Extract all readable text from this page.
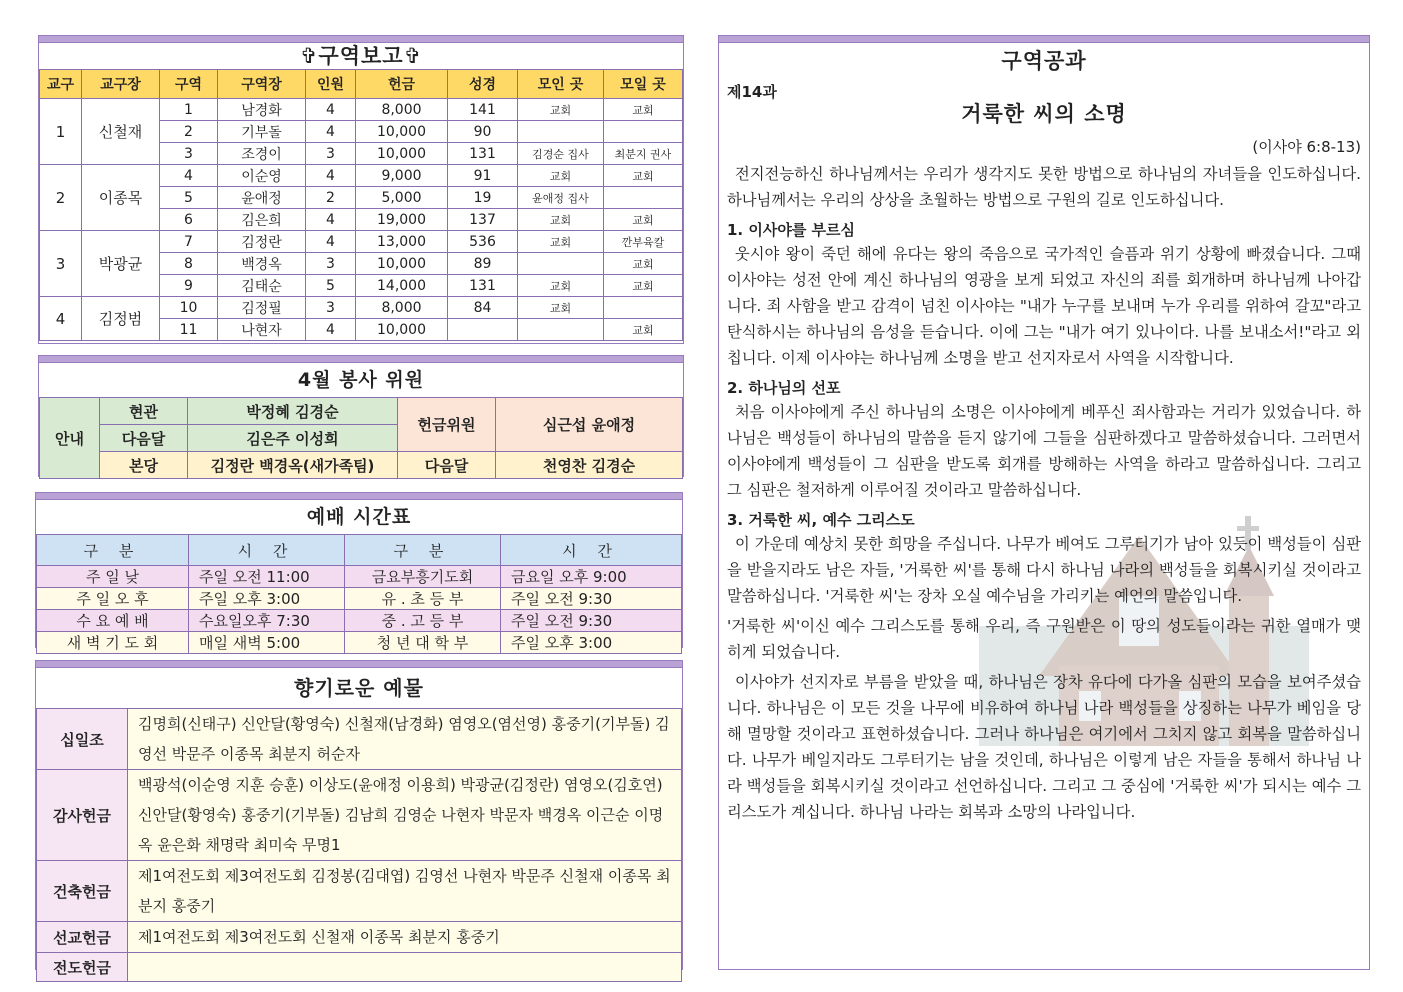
✞구역보고✞
교구	교구장	구역	구역장	인원	헌금	성경	모인 곳	모일 곳
1	신철재	1	남경화	4	8,000	141	교회	교회
		2	기부돌	4	10,000	90		
		3	조경이	3	10,000	131	김경순 집사	최분지 권사
2	이종목	4	이순영	4	9,000	91	교회	교회
		5	윤애정	2	5,000	19	윤애정 집사	
		6	김은희	4	19,000	137	교회	교회
3	박광균	7	김정란	4	13,000	536	교회	깐부육칼
		8	백경옥	3	10,000	89		교회
		9	김태순	5	14,000	131	교회	교회
4	김정범	10	김정필	3	8,000	84	교회	
		11	나현자	4	10,000			교회
4월 봉사 위원
안내	현관	박정혜 김경순	헌금위원	심근섭 윤애정
	다음달	김은주 이성희		
	본당	김정란 백경옥(새가족팀)	다음달	천영찬 김경순
예배 시간표
구 분	시 간	구 분	시 간
주 일 낮	주일 오전 11:00	금요부흥기도회	금요일 오후 9:00
주 일 오 후	주일 오후 3:00	유 . 초 등 부	주일 오전 9:30
수 요 예 배	수요일오후 7:30	중 . 고 등 부	주일 오전 9:30
새 벽 기 도 회	매일 새벽 5:00	청 년 대 학 부	주일 오후 3:00
향기로운 예물
십일조	김명희(신태구) 신안달(황영숙) 신철재(남경화) 염영오(염선영) 홍중기(기부돌) 김영선 박문주 이종목 최분지 허순자
감사헌금	백광석(이순영 지훈 승훈) 이상도(윤애정 이용희) 박광균(김정란) 염영오(김호연) 신안달(황영숙) 홍중기(기부돌) 김남희 김영순 나현자 박문자 백경옥 이근순 이명옥 윤은화 채명락 최미숙 무명1
건축헌금	제1여전도회 제3여전도회 김정봉(김대엽) 김영선 나현자 박문주 신철재 이종목 최분지 홍중기
선교헌금	제1여전도회 제3여전도회 신철재 이종목 최분지 홍중기
전도헌금	
구역공과
제14과
거룩한 씨의 소명
(이사야 6:8-13)

전지전능하신 하나님께서는 우리가 생각지도 못한 방법으로 하나님의 자녀들을 인도하십니다. 하나님께서는 우리의 상상을 초월하는 방법으로 구원의 길로 인도하십니다.

1. 이사야를 부르심

웃시야 왕이 죽던 해에 유다는 왕의 죽음으로 국가적인 슬픔과 위기 상황에 빠졌습니다. 그때 이사야는 성전 안에 계신 하나님의 영광을 보게 되었고 자신의 죄를 회개하며 하나님께 나아갑니다. 죄 사함을 받고 감격이 넘친 이사야는 "내가 누구를 보내며 누가 우리를 위하여 갈꼬"라고 탄식하시는 하나님의 음성을 듣습니다. 이에 그는 "내가 여기 있나이다. 나를 보내소서!"라고 외칩니다. 이제 이사야는 하나님께 소명을 받고 선지자로서 사역을 시작합니다.

2. 하나님의 선포

처음 이사야에게 주신 하나님의 소명은 이사야에게 베푸신 죄사함과는 거리가 있었습니다. 하나님은 백성들이 하나님의 말씀을 듣지 않기에 그들을 심판하겠다고 말씀하셨습니다. 그러면서 이사야에게 백성들이 그 심판을 받도록 회개를 방해하는 사역을 하라고 말씀하십니다. 그리고 그 심판은 철저하게 이루어질 것이라고 말씀하십니다.

3. 거룩한 씨, 예수 그리스도

이 가운데 예상치 못한 희망을 주십니다. 나무가 베여도 그루터기가 남아 있듯이 백성들이 심판을 받을지라도 남은 자들, '거룩한 씨'를 통해 다시 하나님 나라의 백성들을 회복시키실 것이라고 말씀하십니다. '거룩한 씨'는 장차 오실 예수님을 가리키는 예언의 말씀입니다.

'거룩한 씨'이신 예수 그리스도를 통해 우리, 즉 구원받은 이 땅의 성도들이라는 귀한 열매가 맺히게 되었습니다.

이사야가 선지자로 부름을 받았을 때, 하나님은 장차 유다에 다가올 심판의 모습을 보여주셨습니다. 하나님은 이 모든 것을 나무에 비유하여 하나님 나라 백성들을 상징하는 나무가 베임을 당해 멸망할 것이라고 표현하셨습니다. 그러나 하나님은 여기에서 그치지 않고 회복을 말씀하십니다. 나무가 베일지라도 그루터기는 남을 것인데, 하나님은 이렇게 남은 자들을 통해서 하나님 나라 백성들을 회복시키실 것이라고 선언하십니다. 그리고 그 중심에 '거룩한 씨'가 되시는 예수 그리스도가 계십니다. 하나님 나라는 회복과 소망의 나라입니다.
